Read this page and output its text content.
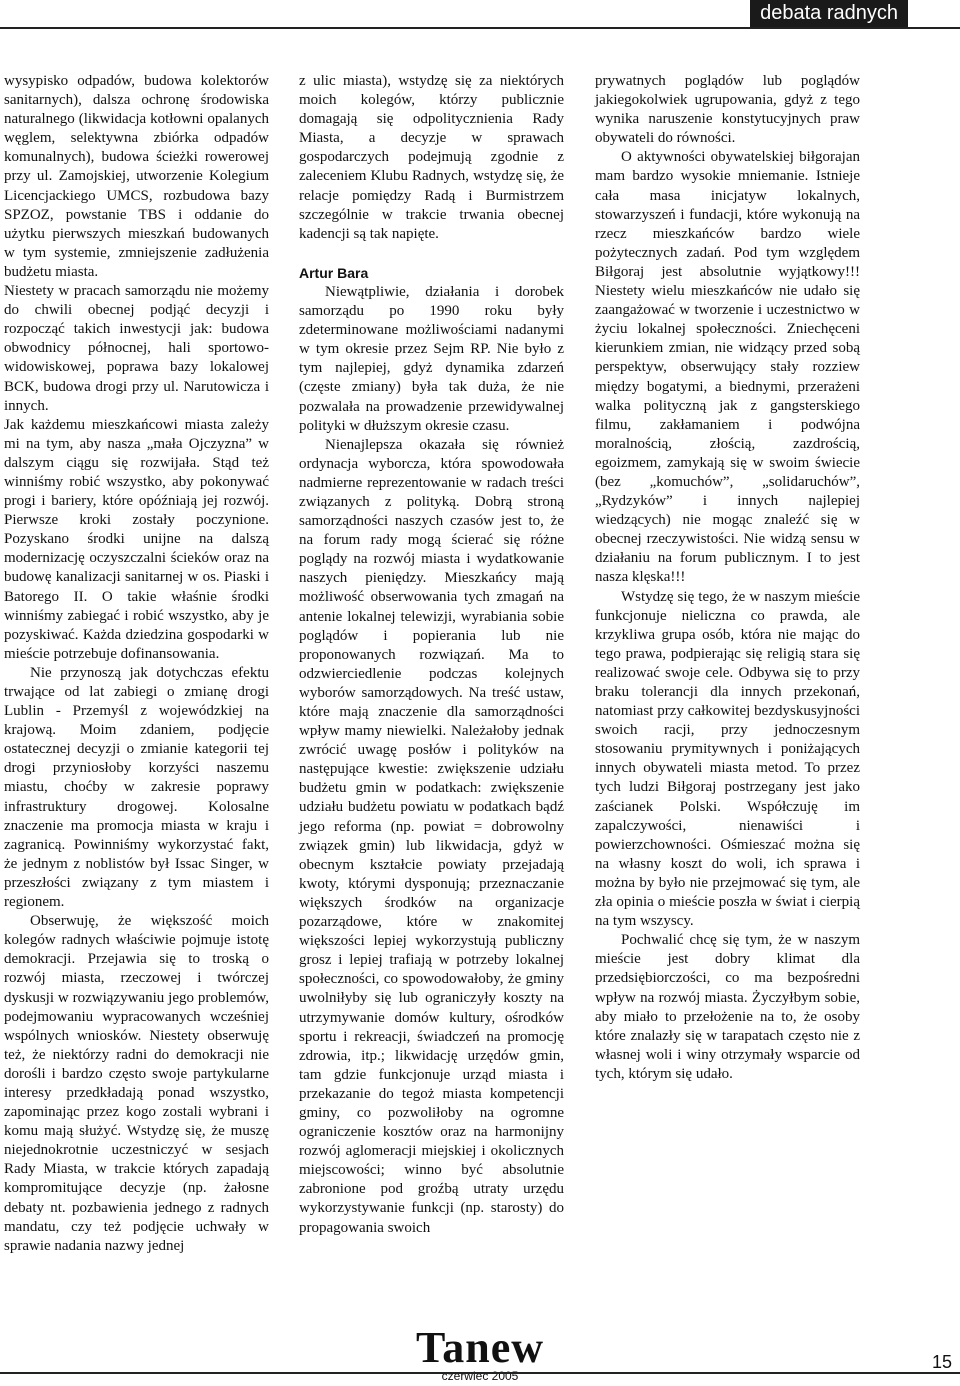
debata radnych

wysypisko odpadów, budowa kolektorów sanitarnych), dalsza ochronę środowiska naturalnego (likwidacja kotłowni opalanych węglem, selektywna zbiórka odpadów komunalnych), budowa ścieżki rowerowej przy ul. Zamojskiej, utworzenie Kolegium Licencjackiego UMCS, rozbudowa bazy SPZOZ, powstanie TBS i oddanie do użytku pierwszych mieszkań budowanych w tym systemie, zmniejszenie zadłużenia budżetu miasta.

Niestety w pracach samorządu nie możemy do chwili obecnej podjąć decyzji i rozpocząć takich inwestycji jak: budowa obwodnicy północnej, hali sportowo-widowiskowej, poprawa bazy lokalowej BCK, budowa drogi przy ul. Narutowicza i innych.

Jak każdemu mieszkańcowi miasta zależy mi na tym, aby nasza „mała Ojczyzna” w dalszym ciągu się rozwijała. Stąd też winniśmy robić wszystko, aby pokonywać progi i bariery, które opóźniają jej rozwój. Pierwsze kroki zostały poczynione. Pozyskano środki unijne na dalszą modernizację oczyszczalni ścieków oraz na budowę kanalizacji sanitarnej w os. Piaski i Batorego II. O takie właśnie środki winniśmy zabiegać i robić wszystko, aby je pozyskiwać. Każda dziedzina gospodarki w mieście potrzebuje dofinansowania.

Nie przynoszą jak dotychczas efektu trwające od lat zabiegi o zmianę drogi Lublin - Przemyśl z wojewódzkiej na krajową. Moim zdaniem, podjęcie ostatecznej decyzji o zmianie kategorii tej drogi przyniosłoby korzyści naszemu miastu, choćby w zakresie poprawy infrastruktury drogowej. Kolosalne znaczenie ma promocja miasta w kraju i zagranicą. Powinniśmy wykorzystać fakt, że jednym z noblistów był Issac Singer, w przeszłości związany z tym miastem i regionem.

Obserwuję, że większość moich kolegów radnych właściwie pojmuje istotę demokracji. Przejawia się to troską o rozwój miasta, rzeczowej i twórczej dyskusji w rozwiązywaniu jego problemów, podejmowaniu wypracowanych wcześniej wspólnych wniosków. Niestety obserwuję też, że niektórzy radni do demokracji nie dorośli i bardzo często swoje partykularne interesy przedkładają ponad wszystko, zapominając przez kogo zostali wybrani i komu mają służyć. Wstydzę się, że muszę niejednokrotnie uczestniczyć w sesjach Rady Miasta, w trakcie których zapadają kompromitujące decyzje (np. żałosne debaty nt. pozbawienia jednego z radnych mandatu, czy też podjęcie uchwały w sprawie nadania nazwy jednej

z ulic miasta), wstydzę się za niektórych moich kolegów, którzy publicznie domagają się odpolitycznienia Rady Miasta, a decyzje w sprawach gospodarczych podejmują zgodnie z zaleceniem Klubu Radnych, wstydzę się, że relacje pomiędzy Radą i Burmistrzem szczególnie w trakcie trwania obecnej kadencji są tak napięte.

Artur Bara

Niewątpliwie, działania i dorobek samorządu po 1990 roku były zdeterminowane możliwościami nadanymi w tym okresie przez Sejm RP. Nie było z tym najlepiej, gdyż dynamika zdarzeń (częste zmiany) była tak duża, że nie pozwalała na prowadzenie przewidywalnej polityki w dłuższym okresie czasu.

Nienajlepsza okazała się również ordynacja wyborcza, która spowodowała nadmierne reprezentowanie w radach treści związanych z polityką. Dobrą stroną samorządności naszych czasów jest to, że na forum rady mogą ścierać się różne poglądy na rozwój miasta i wydatkowanie naszych pieniędzy. Mieszkańcy mają możliwość obserwowania tych zmagań na antenie lokalnej telewizji, wyrabiania sobie poglądów i popierania lub nie proponowanych rozwiązań. Ma to odzwierciedlenie podczas kolejnych wyborów samorządowych. Na treść ustaw, które mają znaczenie dla samorządności wpływ mamy niewielki. Należałoby jednak zwrócić uwagę posłów i polityków na następujące kwestie: zwiększenie udziału budżetu gmin w podatkach: zwiększenie udziału budżetu powiatu w podatkach bądź jego reforma (np. powiat = dobrowolny związek gmin) lub likwidacja, gdyż w obecnym kształcie powiaty przejadają kwoty, którymi dysponują; przeznaczanie większych środków na organizacje pozarządowe, które w znakomitej większości lepiej wykorzystują publiczny grosz i lepiej trafiają w potrzeby lokalnej społeczności, co spowodowałoby, że gminy uwolniłyby się lub ograniczyły koszty na utrzymywanie domów kultury, ośrodków sportu i rekreacji, świadczeń na promocję zdrowia, itp.; likwidację urzędów gmin, tam gdzie funkcjonuje urząd miasta i przekazanie do tegoż miasta kompetencji gminy, co pozwoliłoby na ogromne ograniczenie kosztów oraz na harmonijny rozwój aglomeracji miejskiej i okolicznych miejscowości; winno być absolutnie zabronione pod groźbą utraty urzędu wykorzystywanie funkcji (np. starosty) do propagowania swoich

prywatnych poglądów lub poglądów jakiegokolwiek ugrupowania, gdyż z tego wynika naruszenie konstytucyjnych praw obywateli do równości.

O aktywności obywatelskiej biłgorajan mam bardzo wysokie mniemanie. Istnieje cała masa inicjatyw lokalnych, stowarzyszeń i fundacji, które wykonują na rzecz mieszkańców bardzo wiele pożytecznych zadań. Pod tym względem Biłgoraj jest absolutnie wyjątkowy!!! Niestety wielu mieszkańców nie udało się zaangażować w tworzenie i uczestnictwo w życiu lokalnej społeczności. Zniechęceni kierunkiem zmian, nie widzący przed sobą perspektyw, obserwujący stały rozziew między bogatymi, a biednymi, przerażeni walka polityczną jak z gangsterskiego filmu, zakłamaniem i podwójna moralnością, złością, zazdrością, egoizmem, zamykają się w swoim świecie (bez „komuchów”, „solidaruchów”, „Rydzyków” i innych najlepiej wiedzących) nie mogąc znaleźć się w obecnej rzeczywistości. Nie widzą sensu w działaniu na forum publicznym. I to jest nasza klęska!!!

Wstydzę się tego, że w naszym mieście funkcjonuje nieliczna co prawda, ale krzykliwa grupa osób, która nie mając do tego prawa, podpierając się religią stara się realizować swoje cele. Odbywa się to przy braku tolerancji dla innych przekonań, natomiast przy całkowitej bezdyskusyjności swoich racji, przy jednoczesnym stosowaniu prymitywnych i poniżających innych obywateli miasta metod. To przez tych ludzi Biłgoraj postrzegany jest jako zaścianek Polski. Współczuję im zapalczywości, nienawiści i powierzchowności. Ośmieszać można się na własny koszt do woli, ich sprawa i można by było nie przejmować się tym, ale zła opinia o mieście poszła w świat i cierpią na tym wszyscy.

Pochwalić chcę się tym, że w naszym mieście jest dobry klimat dla przedsiębiorczości, co ma bezpośredni wpływ na rozwój miasta. Życzyłbym sobie, aby miało to przełożenie na to, że osoby które znalazły się w tarapatach często nie z własnej woli i winy otrzymały wsparcie od tych, którym się udało.

Tanew
czerwiec 2005
15
